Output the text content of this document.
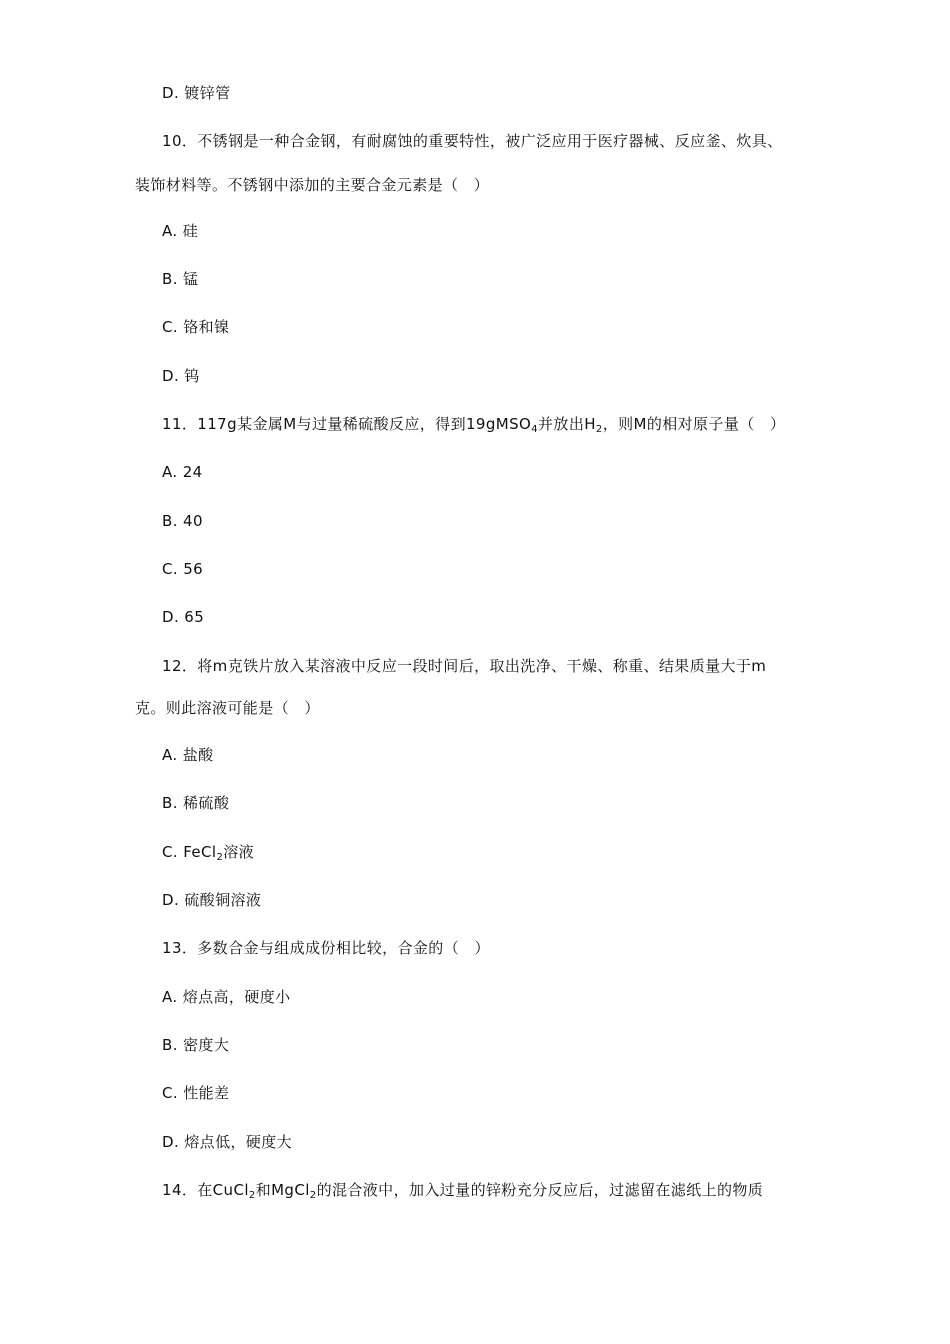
D. 镀锌管
10．不锈钢是一种合金钢，有耐腐蚀的重要特性，被广泛应用于医疗器械、反应釜、炊具、
装饰材料等。不锈钢中添加的主要合金元素是（　）
A. 硅
B. 锰
C. 铬和镍
D. 钨
11．117g某金属M与过量稀硫酸反应，得到19gMSO$_4$并放出$H_2$，则M的相对原子量（　）
A. 24
B. 40
C. 56
D. 65
12．将m克铁片放入某溶液中反应一段时间后，取出洗净、干燥、称重、结果质量大于m
克。则此溶液可能是（　）
A. 盐酸
B. 稀硫酸
C. FeCl$_2$溶液
D. 硫酸铜溶液
13．多数合金与组成成份相比较，合金的（　）
A. 熔点高，硬度小
B. 密度大
C. 性能差
D. 熔点低，硬度大
14．在CuCl$_2$和MgCl$_2$的混合液中，加入过量的锌粉充分反应后，过滤留在滤纸上的物质
